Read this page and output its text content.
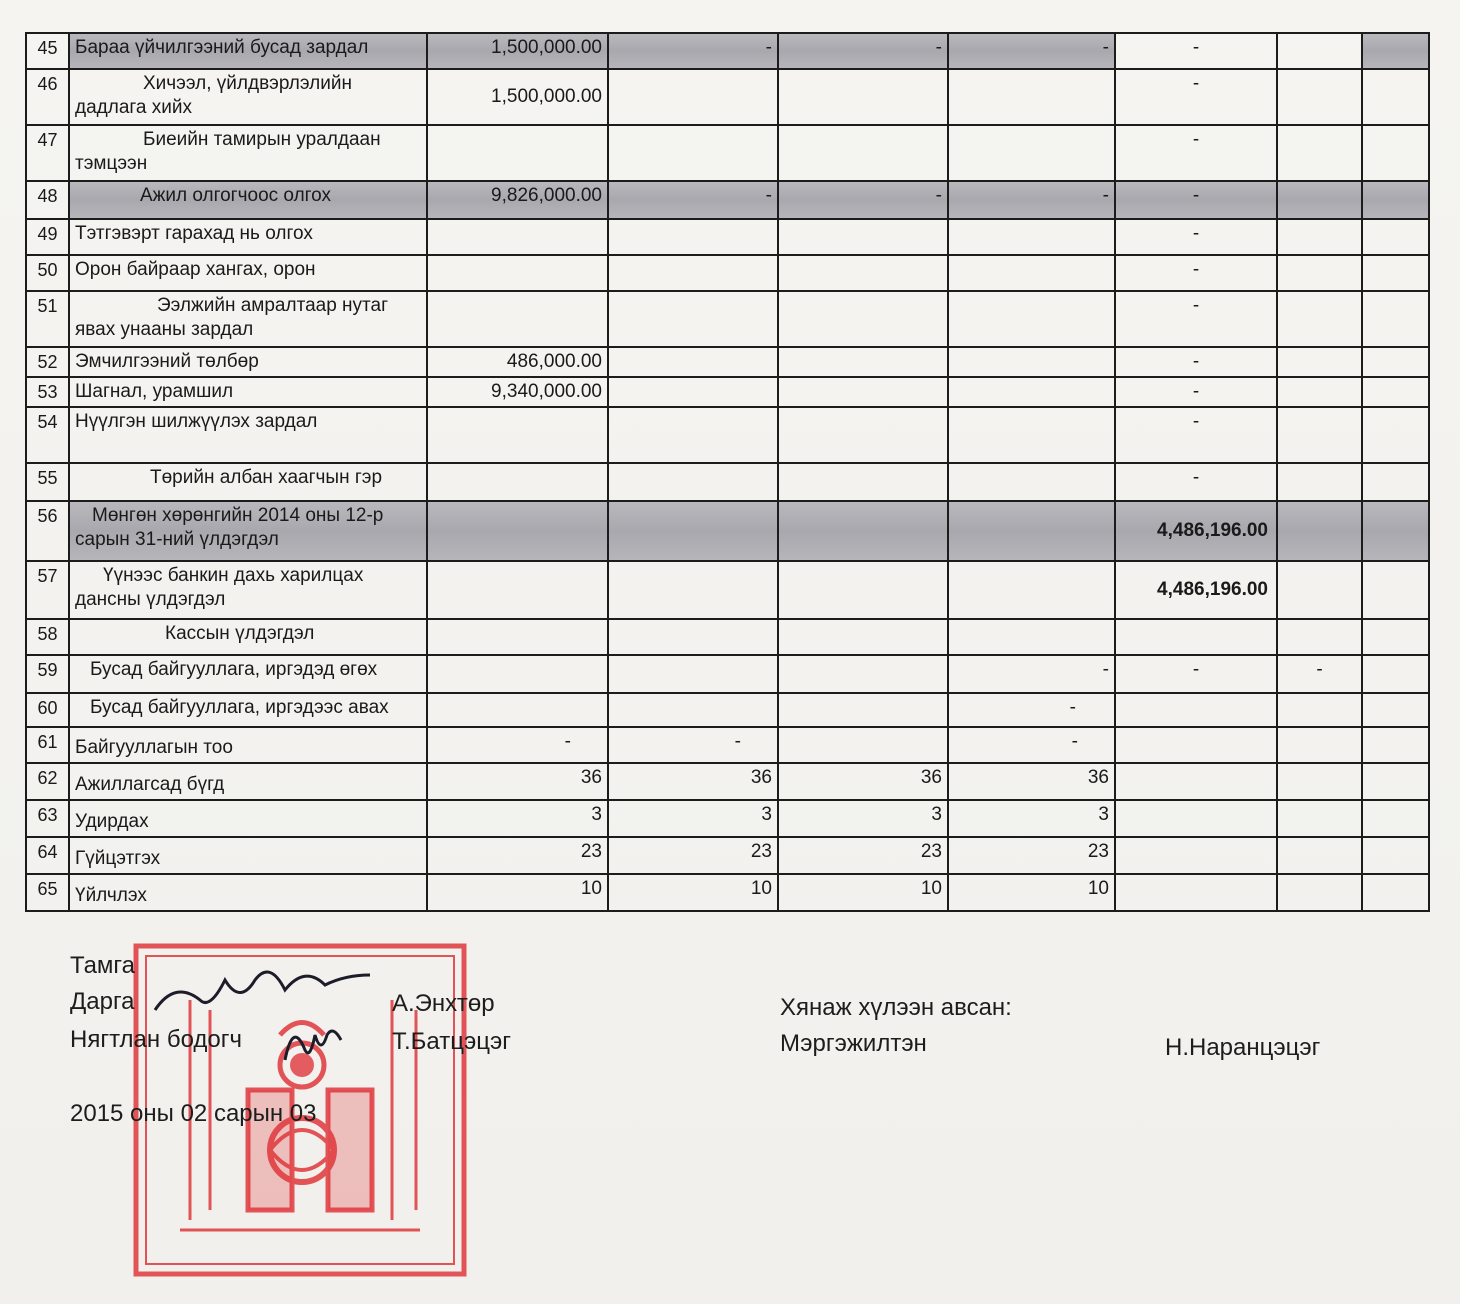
45	Бараа үйчилгээний бусад зардал	1,500,000.00	-	-	-	-		
46	Хичээл, үйлдвэрлэлийн дадлага хийх	1,500,000.00				-		
47	Биеийн тамирын уралдаан тэмцээн					-		
48	Ажил олгогчоос олгох	9,826,000.00	-	-	-	-		
49	Тэтгэвэрт гарахад нь олгох					-		
50	Орон байраар хангах, орон					-		
51	Ээлжийн амралтаар нутаг явах унааны зардал					-		
52	Эмчилгээний төлбөр	486,000.00				-		
53	Шагнал, урамшил	9,340,000.00				-		
54	Нүүлгэн шилжүүлэх зардал					-		
55	Төрийн албан хаагчын гэр					-		
56	Мөнгөн хөрөнгийн 2014 оны 12-р сарын 31-ний үлдэгдэл					4,486,196.00		
57	Үүнээс банкин дахь харилцах дансны үлдэгдэл					4,486,196.00		
58	Кассын үлдэгдэл							
59	Бусад байгууллага, иргэдэд өгөх				-	-	-	
60	Бусад байгууллага, иргэдээс авах				-			
61	Байгууллагын тоо	-	-		-			
62	Ажиллагсад бүгд	36	36	36	36			
63	Удирдах	3	3	3	3			
64	Гүйцэтгэх	23	23	23	23			
65	Үйлчлэх	10	10	10	10			
Тамга
Дарга	А.Энхтөр
Нягтлан бодогч	Т.Батцэцэг
2015 оны 02 сарын 03
Хянаж хүлээн авсан:
Мэргэжилтэн	Н.Наранцэцэг
